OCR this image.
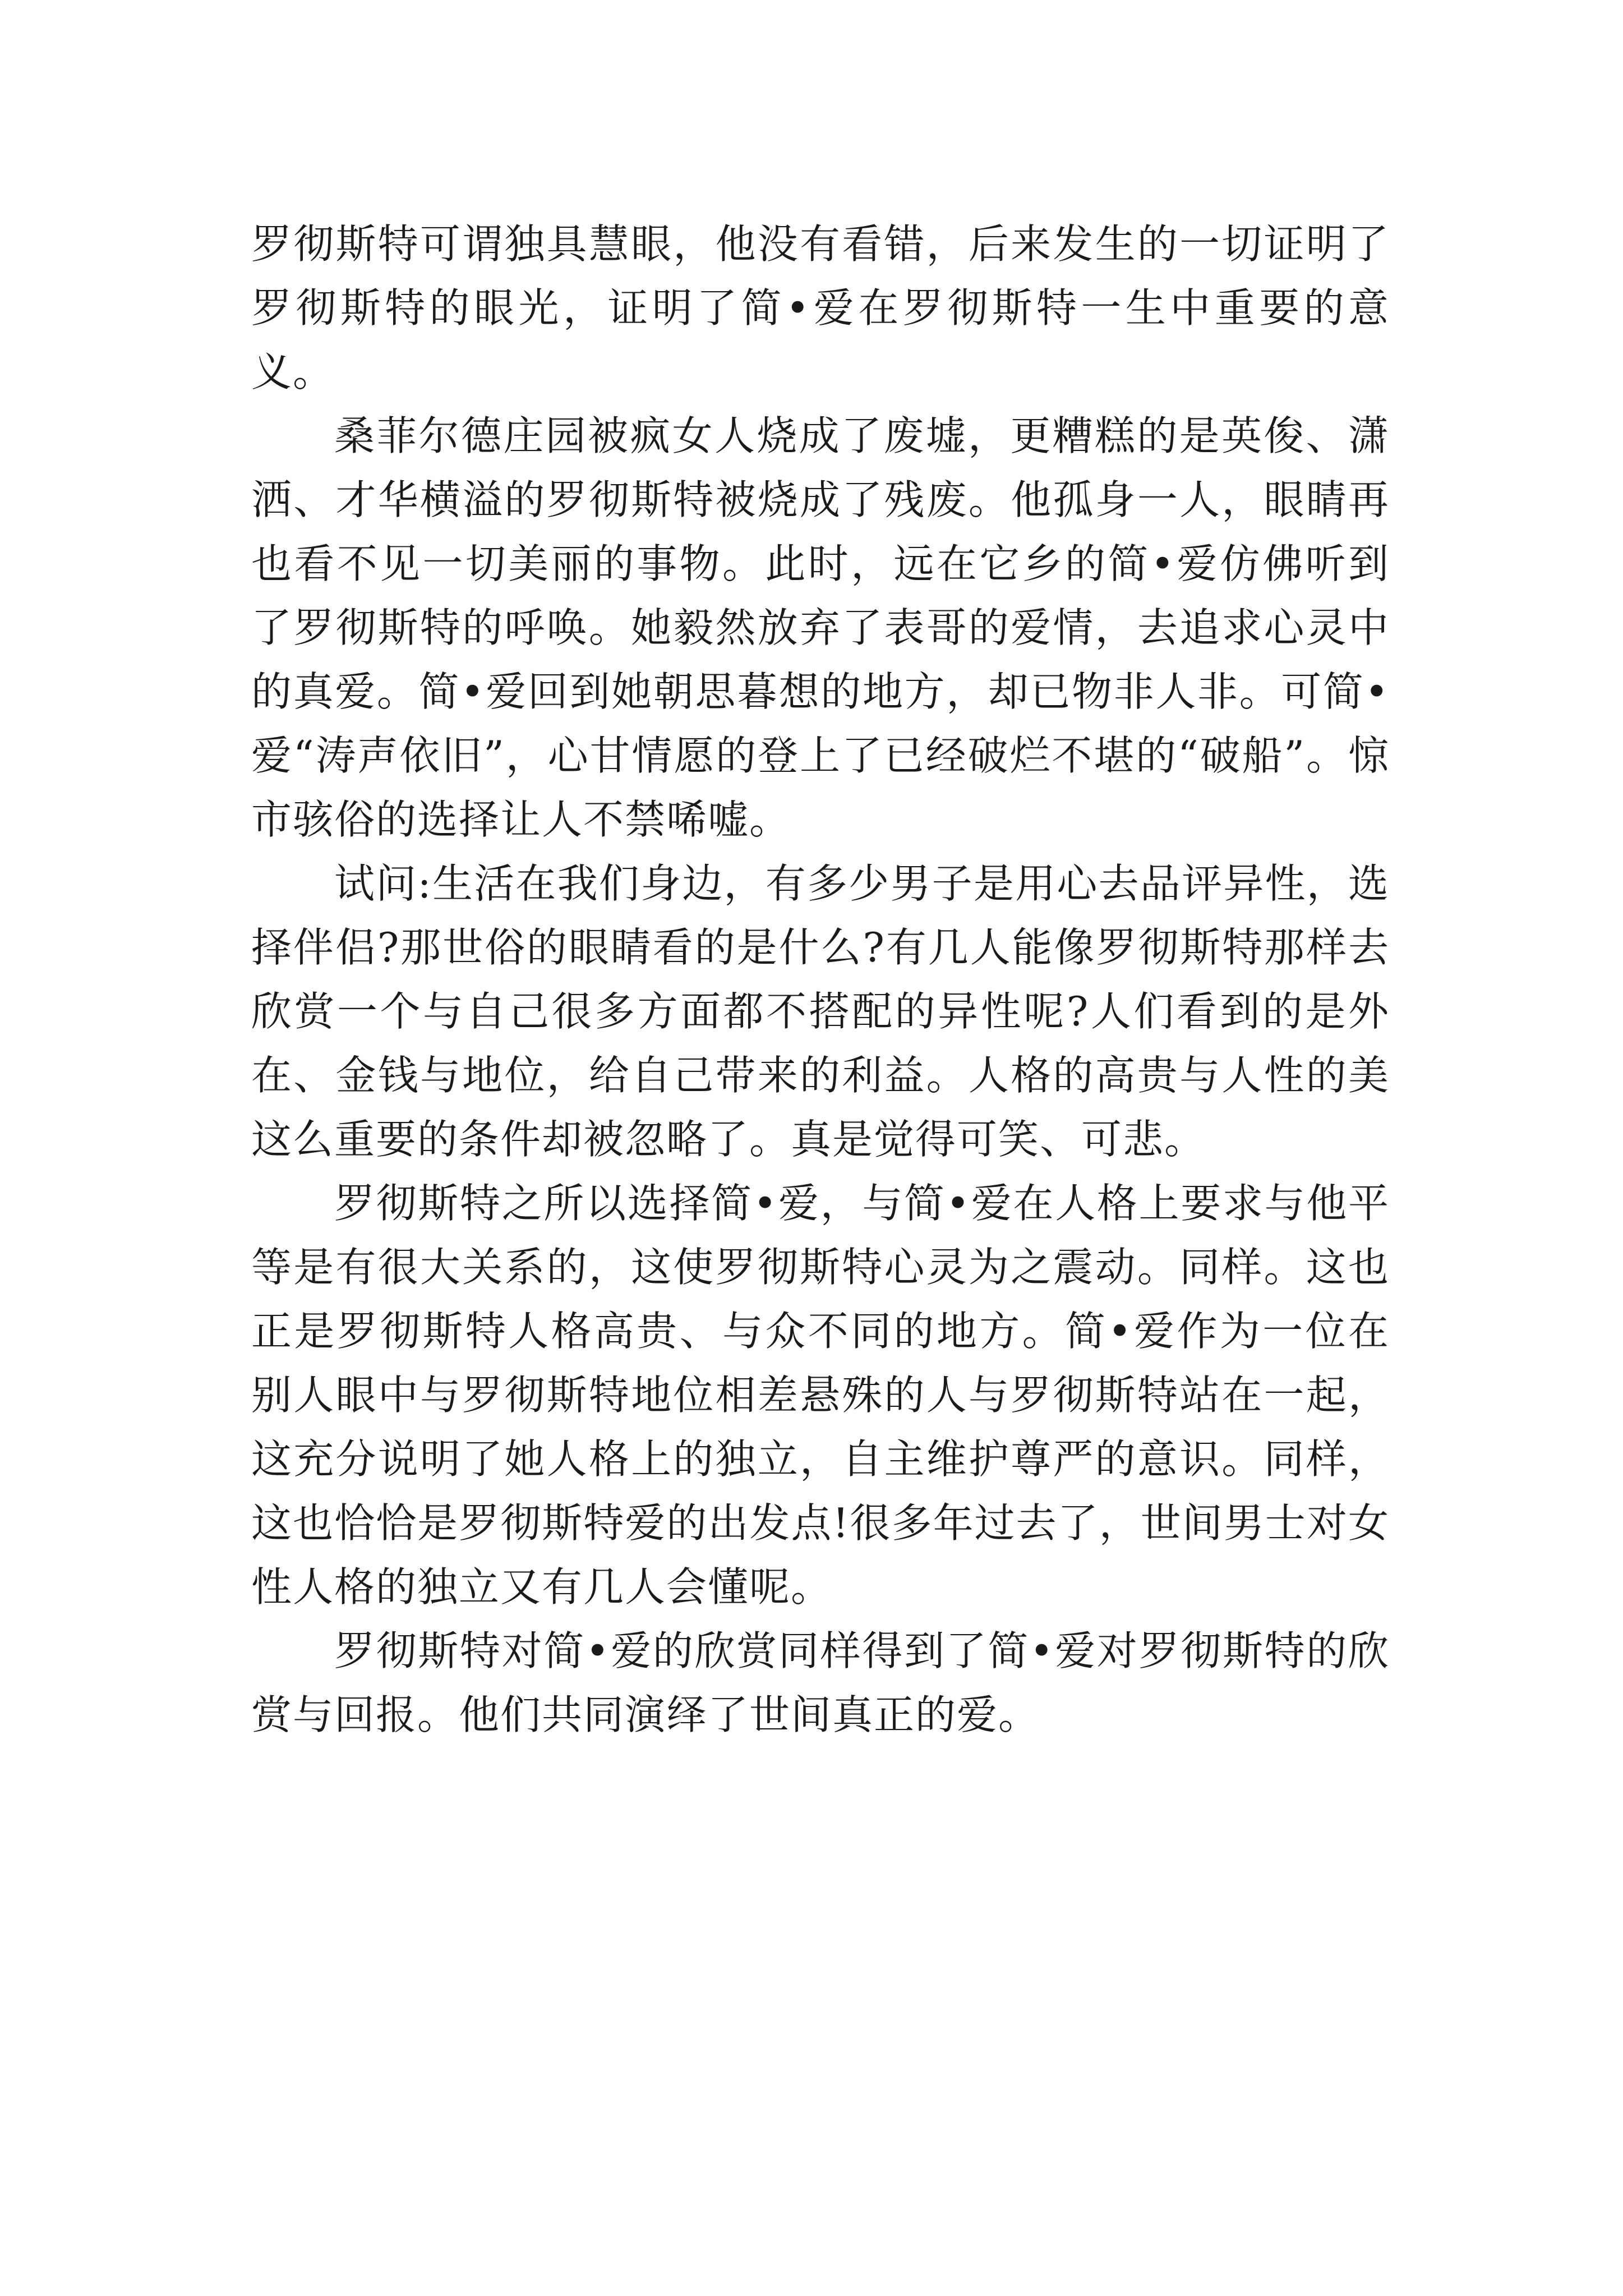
罗彻斯特可谓独具慧眼，他没有看错，后来发生的一切证明了罗彻斯特的眼光，证明了简•爱在罗彻斯特一生中重要的意义。

桑菲尔德庄园被疯女人烧成了废墟，更糟糕的是英俊、潇洒、才华横溢的罗彻斯特被烧成了残废。他孤身一人，眼睛再也看不见一切美丽的事物。此时，远在它乡的简•爱仿佛听到了罗彻斯特的呼唤。她毅然放弃了表哥的爱情，去追求心灵中的真爱。简•爱回到她朝思暮想的地方，却已物非人非。可简•爱“涛声依旧”，心甘情愿的登上了已经破烂不堪的“破船”。惊市骇俗的选择让人不禁唏嘘。

试问:生活在我们身边，有多少男子是用心去品评异性，选择伴侣?那世俗的眼睛看的是什么?有几人能像罗彻斯特那样去欣赏一个与自己很多方面都不搭配的异性呢?人们看到的是外在、金钱与地位，给自己带来的利益。人格的高贵与人性的美这么重要的条件却被忽略了。真是觉得可笑、可悲。

罗彻斯特之所以选择简•爱，与简•爱在人格上要求与他平等是有很大关系的，这使罗彻斯特心灵为之震动。同样。这也正是罗彻斯特人格高贵、与众不同的地方。简•爱作为一位在别人眼中与罗彻斯特地位相差悬殊的人与罗彻斯特站在一起，这充分说明了她人格上的独立，自主维护尊严的意识。同样，这也恰恰是罗彻斯特爱的出发点!很多年过去了，世间男士对女性人格的独立又有几人会懂呢。

罗彻斯特对简•爱的欣赏同样得到了简•爱对罗彻斯特的欣赏与回报。他们共同演绎了世间真正的爱。
